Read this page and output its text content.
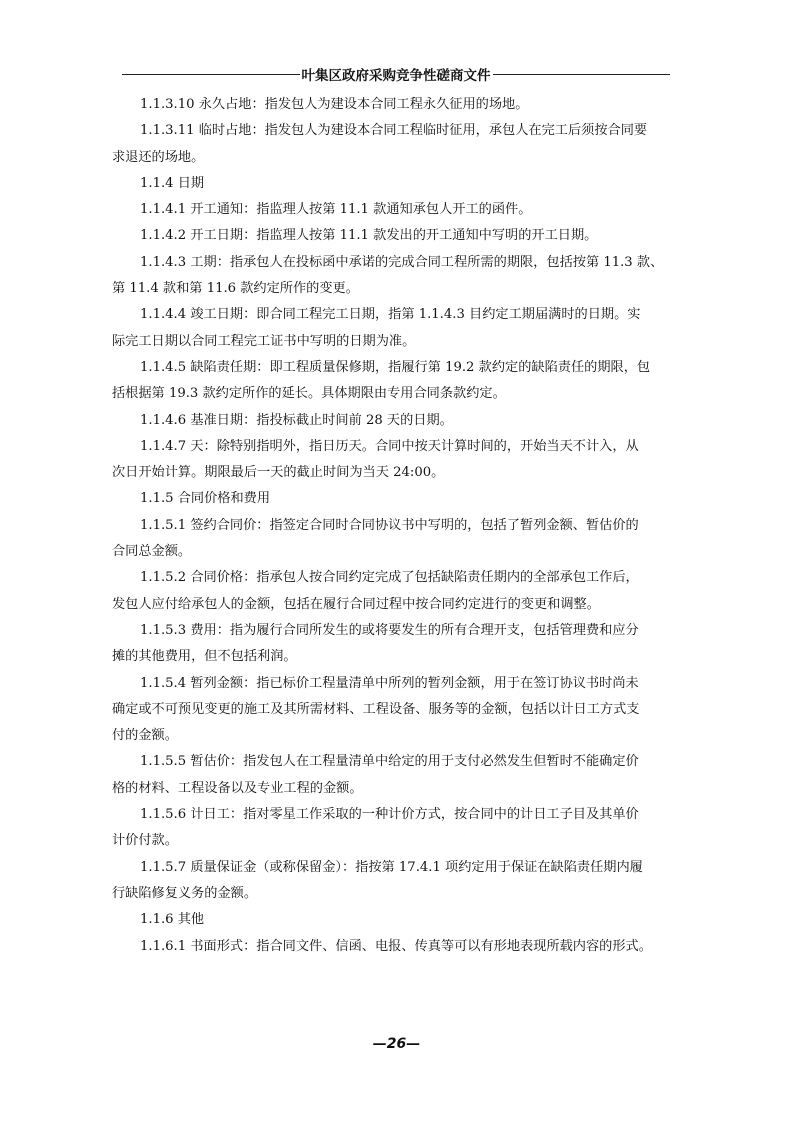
叶集区政府采购竞争性磋商文件

1.1.3.10 永久占地：指发包人为建设本合同工程永久征用的场地。

1.1.3.11 临时占地：指发包人为建设本合同工程临时征用，承包人在完工后须按合同要

求退还的场地。

1.1.4 日期

1.1.4.1 开工通知：指监理人按第 11.1 款通知承包人开工的函件。

1.1.4.2 开工日期：指监理人按第 11.1 款发出的开工通知中写明的开工日期。

1.1.4.3 工期：指承包人在投标函中承诺的完成合同工程所需的期限，包括按第 11.3 款、

第 11.4 款和第 11.6 款约定所作的变更。

1.1.4.4 竣工日期：即合同工程完工日期，指第 1.1.4.3 目约定工期届满时的日期。实

际完工日期以合同工程完工证书中写明的日期为准。

1.1.4.5 缺陷责任期：即工程质量保修期，指履行第 19.2 款约定的缺陷责任的期限，包

括根据第 19.3 款约定所作的延长。具体期限由专用合同条款约定。

1.1.4.6 基准日期：指投标截止时间前 28 天的日期。

1.1.4.7 天：除特别指明外，指日历天。合同中按天计算时间的，开始当天不计入，从

次日开始计算。期限最后一天的截止时间为当天 24:00。

1.1.5 合同价格和费用

1.1.5.1 签约合同价：指签定合同时合同协议书中写明的，包括了暂列金额、暂估价的

合同总金额。

1.1.5.2 合同价格：指承包人按合同约定完成了包括缺陷责任期内的全部承包工作后，

发包人应付给承包人的金额，包括在履行合同过程中按合同约定进行的变更和调整。

1.1.5.3 费用：指为履行合同所发生的或将要发生的所有合理开支，包括管理费和应分

摊的其他费用，但不包括利润。

1.1.5.4 暂列金额：指已标价工程量清单中所列的暂列金额，用于在签订协议书时尚未

确定或不可预见变更的施工及其所需材料、工程设备、服务等的金额，包括以计日工方式支

付的金额。

1.1.5.5 暂估价：指发包人在工程量清单中给定的用于支付必然发生但暂时不能确定价

格的材料、工程设备以及专业工程的金额。

1.1.5.6 计日工：指对零星工作采取的一种计价方式，按合同中的计日工子目及其单价

计价付款。

1.1.5.7 质量保证金（或称保留金）：指按第 17.4.1 项约定用于保证在缺陷责任期内履

行缺陷修复义务的金额。

1.1.6 其他

1.1.6.1 书面形式：指合同文件、信函、电报、传真等可以有形地表现所载内容的形式。

—26—
